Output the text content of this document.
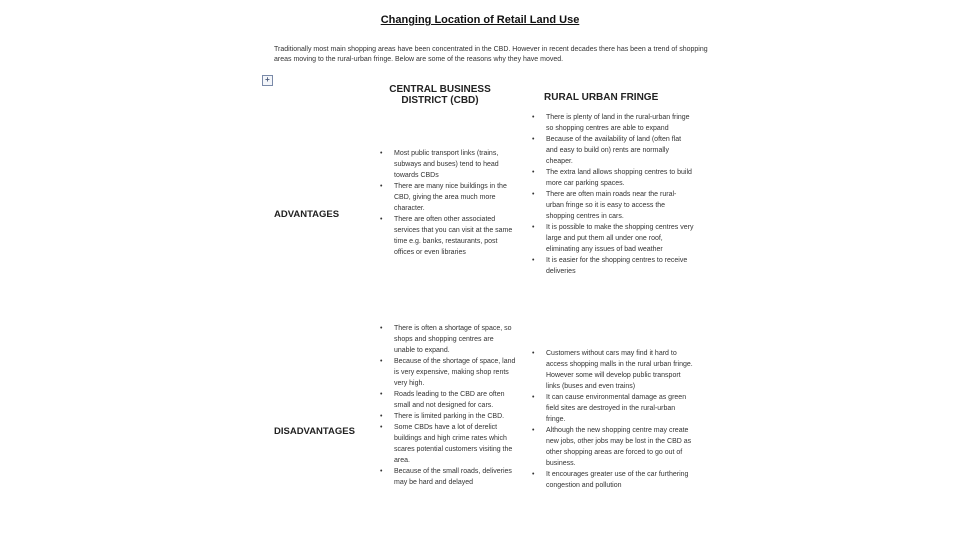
Changing Location of Retail Land Use
Traditionally most main shopping areas have been concentrated in the CBD. However in recent decades there has been a trend of shopping areas moving to the rural-urban fringe. Below are some of the reasons why they have moved.
+
CENTRAL BUSINESS DISTRICT (CBD)	RURAL URBAN FRINGE
ADVANTAGES
DISADVANTAGES
• Most public transport links (trains, subways and buses) tend to head towards CBDs
• There are many nice buildings in the CBD, giving the area much more character.
• There are often other associated services that you can visit at the same time e.g. banks, restaurants, post offices or even libraries
• There is plenty of land in the rural-urban fringe so shopping centres are able to expand
• Because of the availability of land (often flat and easy to build on) rents are normally cheaper.
• The extra land allows shopping centres to build more car parking spaces.
• There are often main roads near the rural-urban fringe so it is easy to access the shopping centres in cars.
• It is possible to make the shopping centres very large and put them all under one roof, eliminating any issues of bad weather
• It is easier for the shopping centres to receive deliveries
• There is often a shortage of space, so shops and shopping centres are unable to expand.
• Because of the shortage of space, land is very expensive, making shop rents very high.
• Roads leading to the CBD are often small and not designed for cars.
• There is limited parking in the CBD.
• Some CBDs have a lot of derelict buildings and high crime rates which scares potential customers visiting the area.
• Because of the small roads, deliveries may be hard and delayed
• Customers without cars may find it hard to access shopping malls in the rural urban fringe. However some will develop public transport links (buses and even trains)
• It can cause environmental damage as green field sites are destroyed in the rural-urban fringe.
• Although the new shopping centre may create new jobs, other jobs may be lost in the CBD as other shopping areas are forced to go out of business.
• It encourages greater use of the car furthering congestion and pollution
